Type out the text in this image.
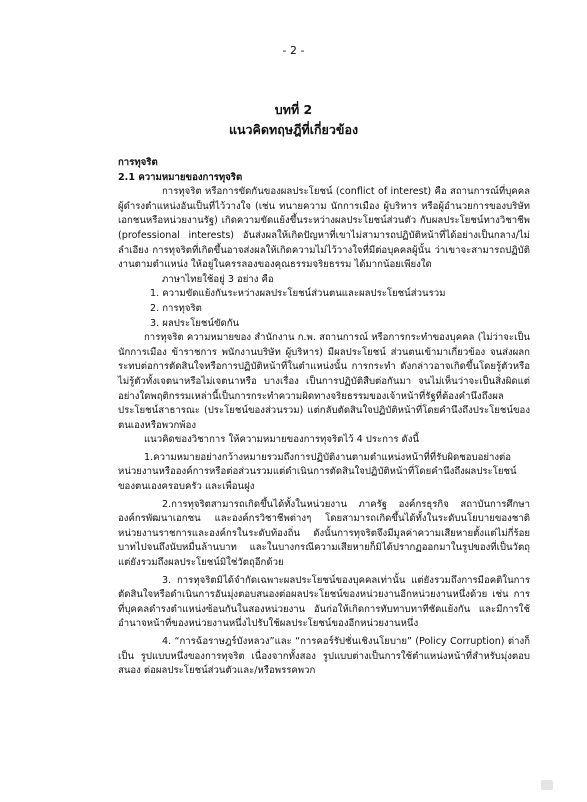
- 2 -
บทที่ 2
แนวคิดทฤษฎีที่เกี่ยวข้อง

การทุจริต

2.1 ความหมายของการทุจริต

การทุจริต หรือการขัดกันของผลประโยชน์ (conflict of interest) คือ สถานการณ์ที่บุคคลผู้ดำรงตำแหน่งอันเป็นที่ไว้วางใจ (เช่น ทนายความ นักการเมือง ผู้บริหาร หรือผู้อำนวยการของบริษัทเอกชนหรือหน่วยงานรัฐ) เกิดความขัดแย้งขึ้นระหว่างผลประโยชน์ส่วนตัว กับผลประโยชน์ทางวิชาชีพ (professional interests) อันส่งผลให้เกิดปัญหาที่เขาไม่สามารถปฏิบัติหน้าที่ได้อย่างเป็นกลาง/ไม่ลำเอียง การทุจริตที่เกิดขึ้นอาจส่งผลให้เกิดความไม่ไว้วางใจที่มีต่อบุคคลผู้นั้น ว่าเขาจะสามารถปฏิบัติงานตามตำแหน่ง ให้อยู่ในครรลองของคุณธรรมจริยธรรม ได้มากน้อยเพียงใด

ภาษาไทยใช้อยู่ 3 อย่าง คือ

1. ความขัดแย้งกันระหว่างผลประโยชน์ส่วนตนและผลประโยชน์ส่วนรวม

2. การทุจริต

3. ผลประโยชน์ขัดกัน

การทุจริต ความหมายของ สำนักงาน ก.พ. สถานการณ์ หรือการกระทำของบุคคล (ไม่ว่าจะเป็นนักการเมือง ข้าราชการ พนักงานบริษัท ผู้บริหาร) มีผลประโยชน์ ส่วนตนเข้ามาเกี่ยวข้อง จนส่งผลกระทบต่อการตัดสินใจหรือการปฏิบัติหน้าที่ในตำแหน่งนั้น การกระทำ ดังกล่าวอาจเกิดขึ้นโดยรู้ตัวหรือไม่รู้ตัวทั้งเจตนาหรือไม่เจตนาหรือ บางเรื่อง เป็นการปฏิบัติสืบต่อกันมา จนไม่เห็นว่าจะเป็นสิ่งผิดแต่อย่างใดพฤติกรรมเหล่านี้เป็นการกระทำความผิดทางจริยธรรมของเจ้าหน้าที่รัฐที่ต้องคำนึงถึงผลประโยชน์สาธารณะ (ประโยชน์ของส่วนรวม) แต่กลับตัดสินใจปฏิบัติหน้าที่โดยคำนึงถึงประโยชน์ของตนเองหรือพวกพ้อง

แนวคิดของวิชาการ ให้ความหมายของการทุจริตไว้ 4 ประการ ดังนี้

1.ความหมายอย่างกว้างหมายรวมถึงการปฏิบัติงานตามตำแหน่งหน้าที่ที่รับผิดชอบอย่างต่อหน่วยงานหรือองค์การหรือต่อส่วนรวมแต่ดำเนินการตัดสินใจปฏิบัติหน้าที่โดยคำนึงถึงผลประโยชน์ของตนเองครอบครัว และเพื่อนฝูง

2.การทุจริตสามารถเกิดขึ้นได้ทั้งในหน่วยงาน ภาครัฐ องค์กรธุรกิจ สถาบันการศึกษา องค์กรพัฒนาเอกชน และองค์กรวิชาชีพต่างๆ โดยสามารถเกิดขึ้นได้ทั้งในระดับนโยบายของชาติ หน่วยงานราชการและองค์กรในระดับท้องถิ่น ดังนั้นการทุจริตจึงมีมูลค่าความเสียหายตั้งแต่ไม่กี่ร้อยบาทไปจนถึงนับหมื่นล้านบาท และในบางกรณีความเสียหายก็มิได้ปรากฏออกมาในรูปของที่เป็นวัตถุแต่ยังรวมถึงผลประโยชน์มิใช่วัตถุอีกด้วย

3. การทุจริตมิได้จำกัดเฉพาะผลประโยชน์ของบุคคลเท่านั้น แต่ยังรวมถึงการมีอคติในการตัดสินใจหรือดำเนินการอันมุ่งตอบสนองต่อผลประโยชน์ของหน่วยงานอีกหน่วยงานหนึ่งด้วย เช่น การที่บุคคลดำรงตำแหน่งซ้อนกันในสองหน่วยงาน อันก่อให้เกิดการทับทาบทาทีชัดแย้งกัน และมีการใช้อำนาจหน้าที่ของหน่วยงานหนึ่งไปรับใช้ผลประโยชน์ของอีกหน่วยงานหนึ่ง

4. “การฉ้อราษฎร์บังหลวง”และ “การคอร์รัปชั่นเชิงนโยบาย” (Policy Corruption) ต่างก็เป็น รูปแบบหนึ่งของการทุจริต เนื่องจากทั้งสอง รูปแบบต่างเป็นการใช้ตำแหน่งหน้าที่สำหรับมุ่งตอบสนอง ต่อผลประโยชน์ส่วนตัวและ/หรือพรรคพวก
